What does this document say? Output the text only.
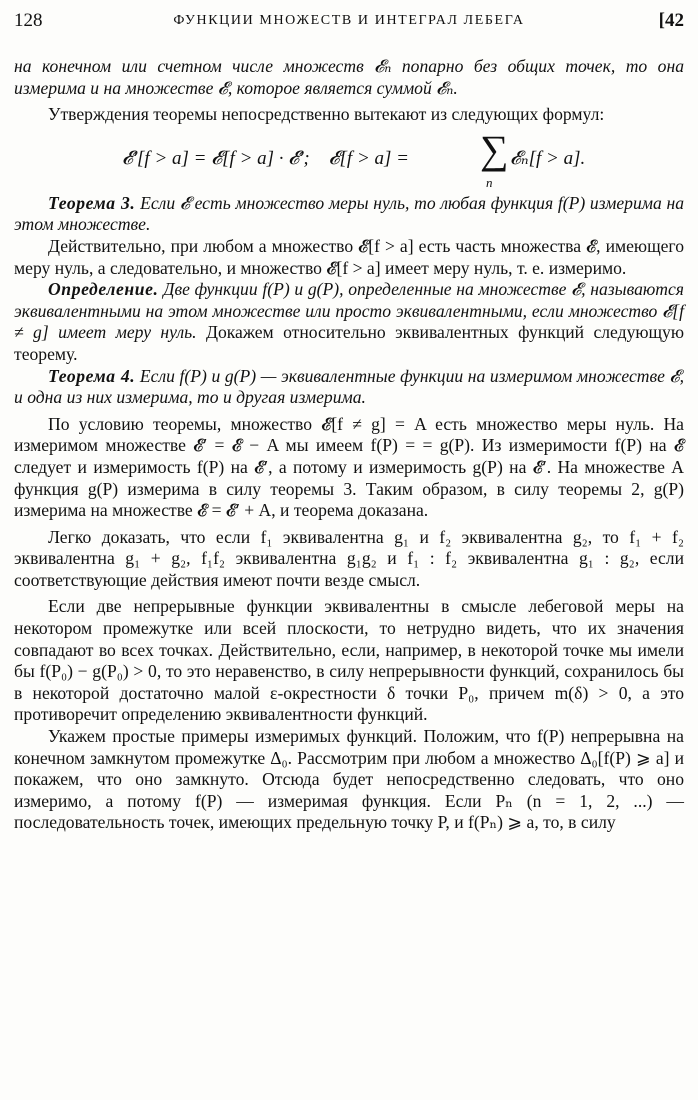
128	ФУНКЦИИ МНОЖЕСТВ И ИНТЕГРАЛ ЛЕБЕГА	[42

на конечном или счетном числе множеств 𝓔ₙ попарно без общих точек, то она измерима и на множестве 𝓔, которое является суммой 𝓔ₙ.

Утверждения теоремы непосредственно вытекают из следующих формул:

𝓔′[f > a] = 𝓔[f > a] · 𝓔′;    𝓔[f > a] = ∑
n
𝓔ₙ[f > a].

Теорема 3. Если 𝓔 есть множество меры нуль, то любая функция f(P) измерима на этом множестве.

Действительно, при любом a множество 𝓔[f > a] есть часть множества 𝓔, имеющего меру нуль, а следовательно, и множество 𝓔[f > a] имеет меру нуль, т. е. измеримо.

Определение. Две функции f(P) и g(P), определенные на множестве 𝓔, называются эквивалентными на этом множестве или просто эквивалентными, если множество 𝓔[f ≠ g] имеет меру нуль. Докажем относительно эквивалентных функций следующую теорему.

Теорема 4. Если f(P) и g(P) — эквивалентные функции на измеримом множестве 𝓔, и одна из них измерима, то и другая измерима.

По условию теоремы, множество 𝓔[f ≠ g] = A есть множество меры нуль. На измеримом множестве 𝓔′ = 𝓔 − A мы имеем f(P) = = g(P). Из измеримости f(P) на 𝓔 следует и измеримость f(P) на 𝓔′, а потому и измеримость g(P) на 𝓔′. На множестве A функция g(P) измерима в силу теоремы 3. Таким образом, в силу теоремы 2, g(P) измерима на множестве 𝓔 = 𝓔′ + A, и теорема доказана.

Легко доказать, что если f₁ эквивалентна g₁ и f₂ эквивалентна g₂, то f₁ + f₂ эквивалентна g₁ + g₂, f₁f₂ эквивалентна g₁g₂ и f₁ : f₂ эквивалентна g₁ : g₂, если соответствующие действия имеют почти везде смысл.

Если две непрерывные функции эквивалентны в смысле лебеговой меры на некотором промежутке или всей плоскости, то нетрудно видеть, что их значения совпадают во всех точках. Действительно, если, например, в некоторой точке мы имели бы f(P₀) − g(P₀) > 0, то это неравенство, в силу непрерывности функций, сохранилось бы в некоторой достаточно малой ε-окрестности δ точки P₀, причем m(δ) > 0, а это противоречит определению эквивалентности функций.

Укажем простые примеры измеримых функций. Положим, что f(P) непрерывна на конечном замкнутом промежутке Δ₀. Рассмотрим при любом a множество Δ₀[f(P) ⩾ a] и покажем, что оно замкнуто. Отсюда будет непосредственно следовать, что оно измеримо, а потому f(P) — измеримая функция. Если Pₙ (n = 1, 2, ...) — последовательность точек, имеющих предельную точку P, и f(Pₙ) ⩾ a, то, в силу
